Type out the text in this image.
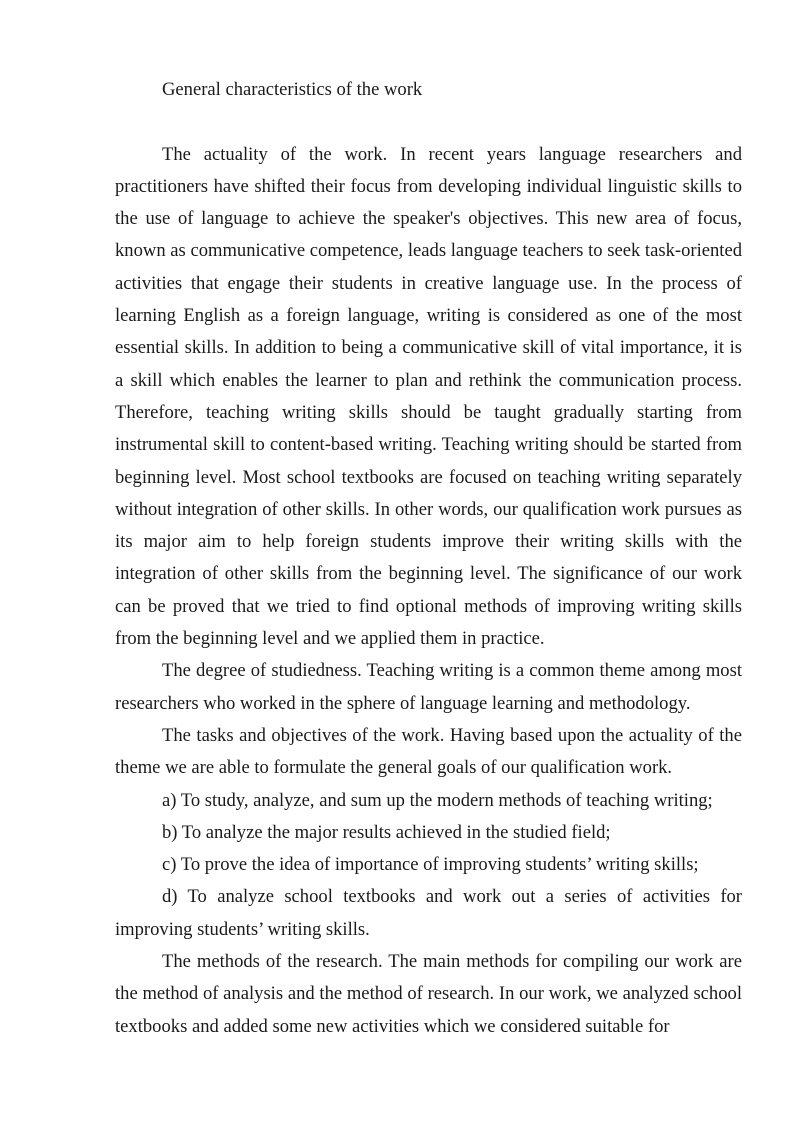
General characteristics of the work

The actuality of the work. In recent years language researchers and practitioners have shifted their focus from developing individual linguistic skills to the use of language to achieve the speaker's objectives. This new area of focus, known as communicative competence, leads language teachers to seek task-oriented activities that engage their students in creative language use. In the process of learning English as a foreign language, writing is considered as one of the most essential skills. In addition to being a communicative skill of vital importance, it is a skill which enables the learner to plan and rethink the communication process. Therefore, teaching writing skills should be taught gradually starting from instrumental skill to content-based writing. Teaching writing should be started from beginning level. Most school textbooks are focused on teaching writing separately without integration of other skills. In other words, our qualification work pursues as its major aim to help foreign students improve their writing skills with the integration of other skills from the beginning level. The significance of our work can be proved that we tried to find optional methods of improving writing skills from the beginning level and we applied them in practice.

The degree of studiedness. Teaching writing is a common theme among most researchers who worked in the sphere of language learning and methodology.

The tasks and objectives of the work. Having based upon the actuality of the theme we are able to formulate the general goals of our qualification work.

a) To study, analyze, and sum up the modern methods of teaching writing;
b) To analyze the major results achieved in the studied field;
c) To prove the idea of importance of improving students’ writing skills;
d) To analyze school textbooks and work out a series of activities for improving students’ writing skills.

The methods of the research. The main methods for compiling our work are the method of analysis and the method of research. In our work, we analyzed school textbooks and added some new activities which we considered suitable for
